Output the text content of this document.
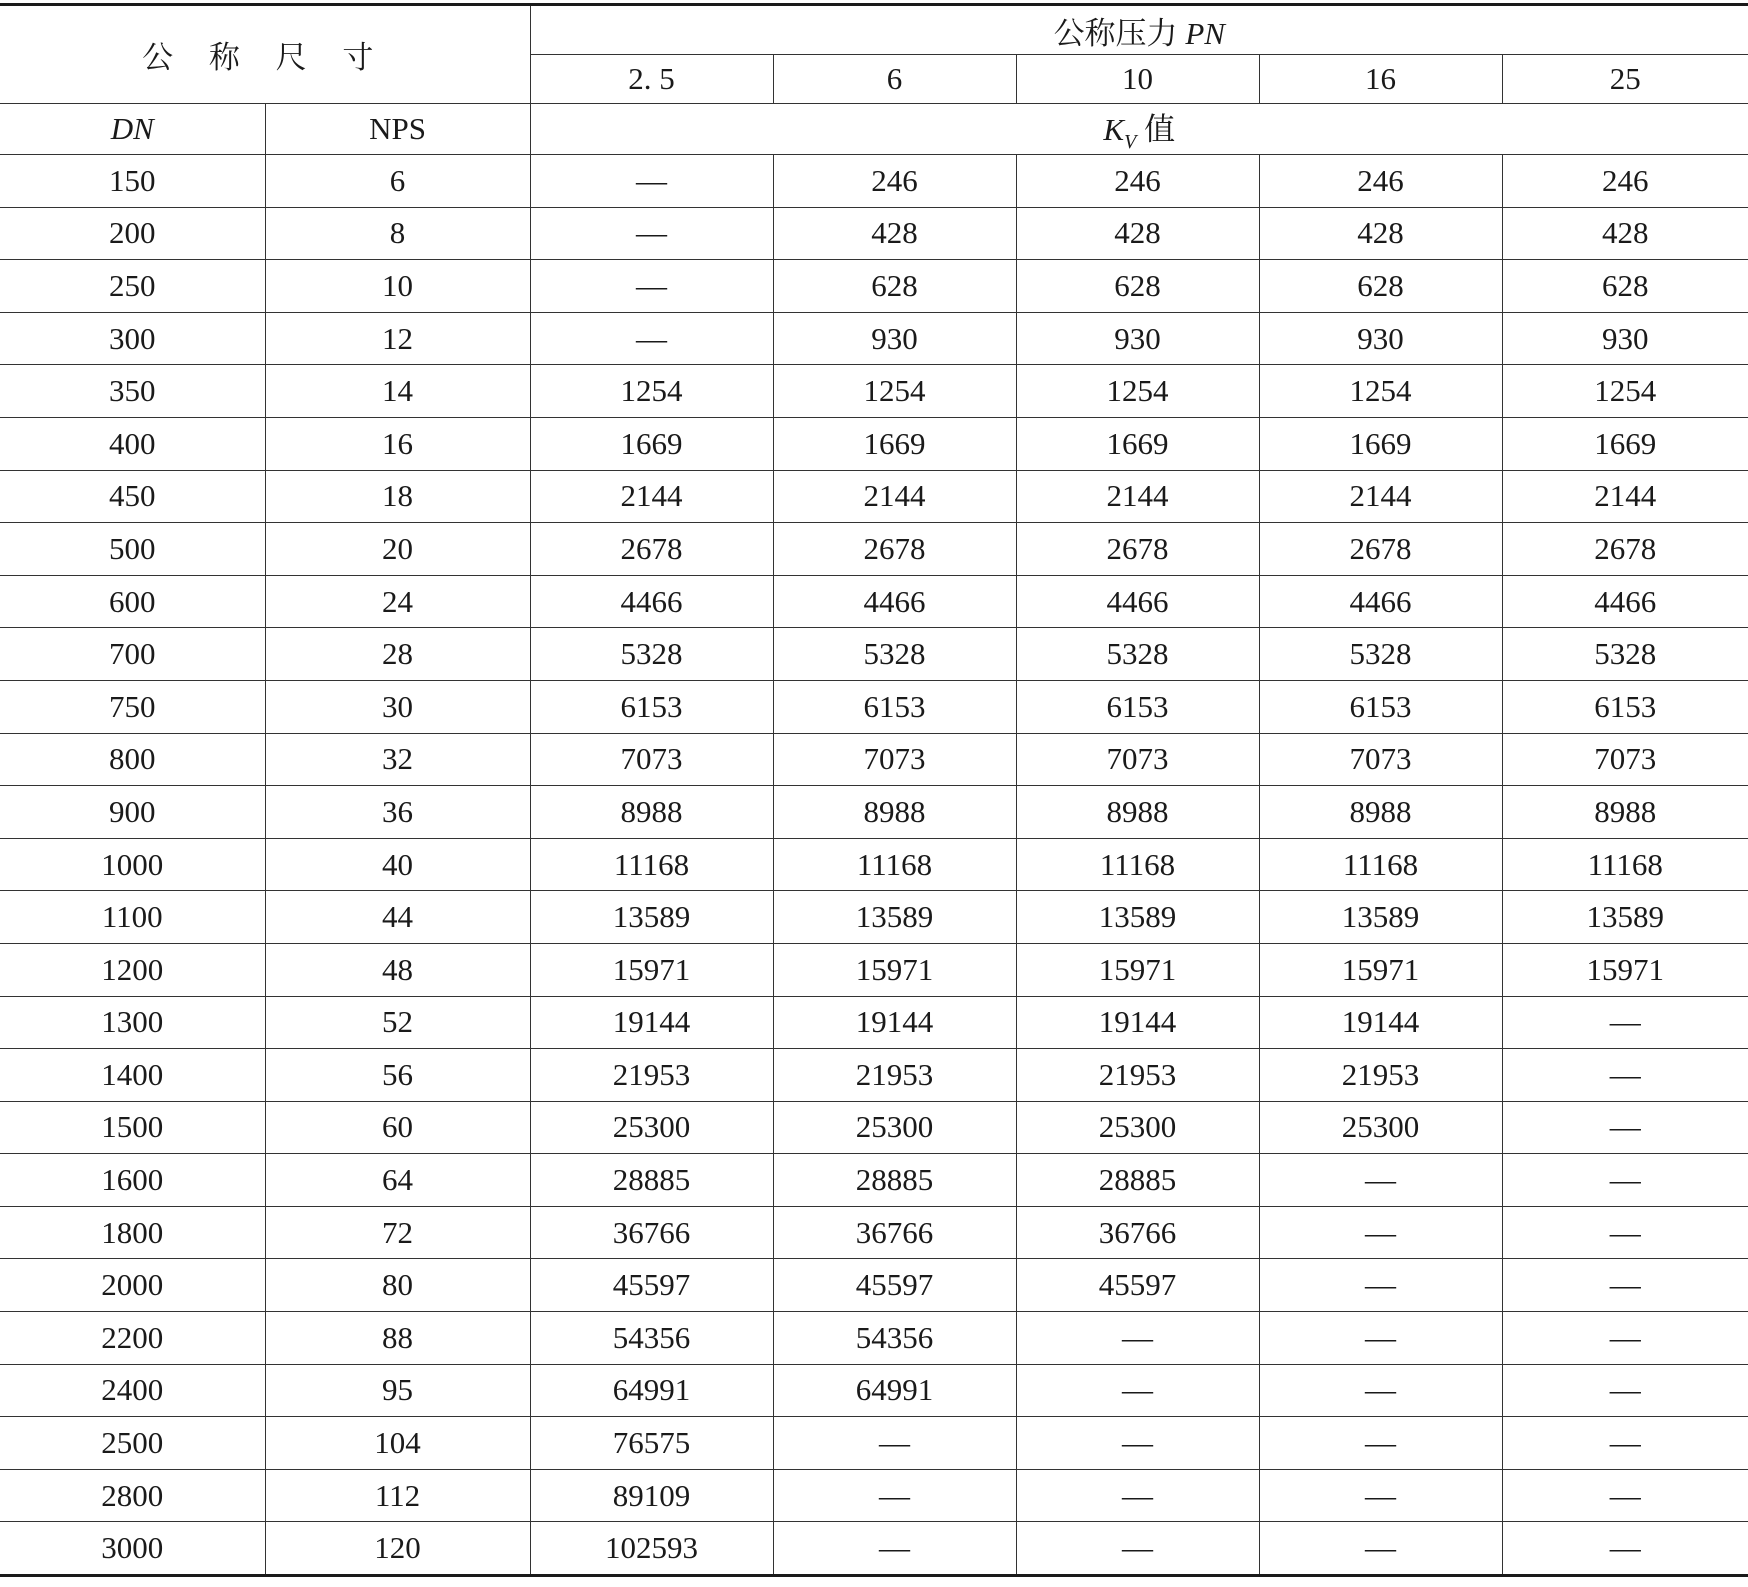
公 称 尺 寸		公称压力 PN				
		2. 5	6	10	16	25
DN	NPS	$K_V$ 值				
150	6	—	246	246	246	246
200	8	—	428	428	428	428
250	10	—	628	628	628	628
300	12	—	930	930	930	930
350	14	1254	1254	1254	1254	1254
400	16	1669	1669	1669	1669	1669
450	18	2144	2144	2144	2144	2144
500	20	2678	2678	2678	2678	2678
600	24	4466	4466	4466	4466	4466
700	28	5328	5328	5328	5328	5328
750	30	6153	6153	6153	6153	6153
800	32	7073	7073	7073	7073	7073
900	36	8988	8988	8988	8988	8988
1000	40	11168	11168	11168	11168	11168
1100	44	13589	13589	13589	13589	13589
1200	48	15971	15971	15971	15971	15971
1300	52	19144	19144	19144	19144	—
1400	56	21953	21953	21953	21953	—
1500	60	25300	25300	25300	25300	—
1600	64	28885	28885	28885	—	—
1800	72	36766	36766	36766	—	—
2000	80	45597	45597	45597	—	—
2200	88	54356	54356	—	—	—
2400	95	64991	64991	—	—	—
2500	104	76575	—	—	—	—
2800	112	89109	—	—	—	—
3000	120	102593	—	—	—	—
